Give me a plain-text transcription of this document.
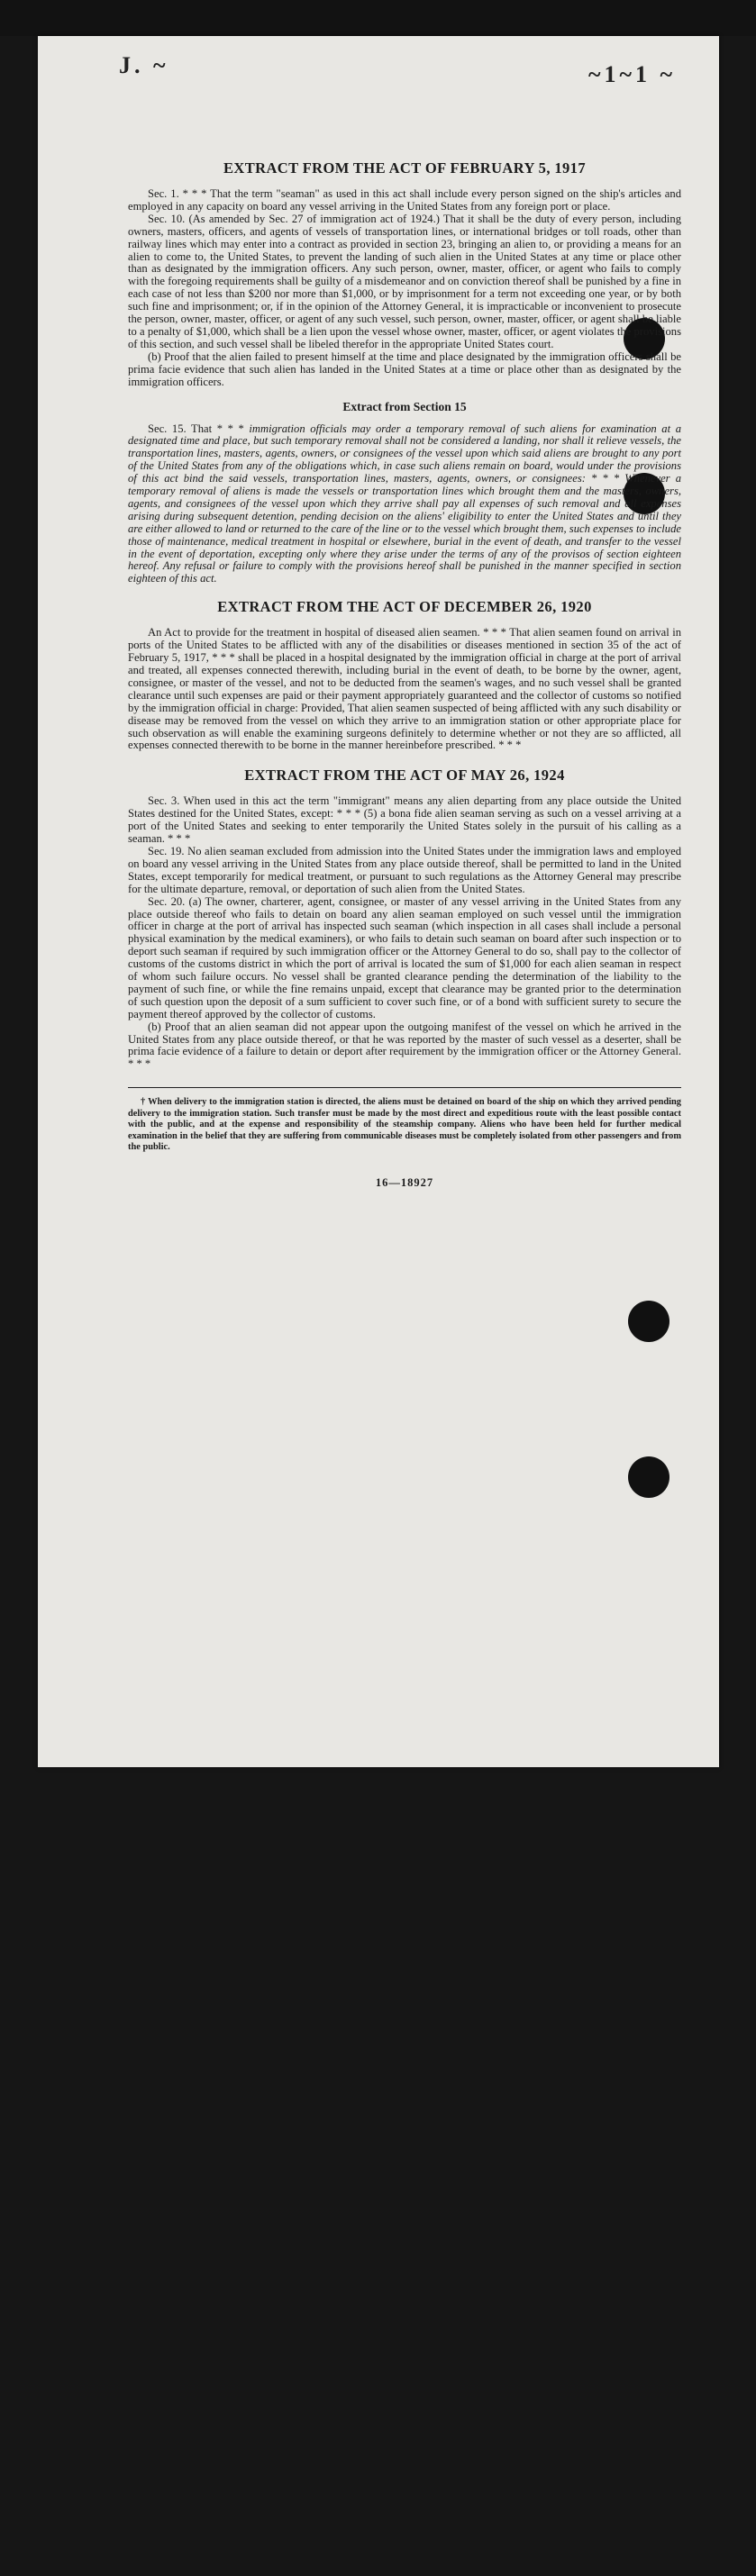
J. ~	~1~1 ~
EXTRACT FROM THE ACT OF FEBRUARY 5, 1917

Sec. 1. * * * That the term "seaman" as used in this act shall include every person signed on the ship's articles and employed in any capacity on board any vessel arriving in the United States from any foreign port or place.

Sec. 10. (As amended by Sec. 27 of immigration act of 1924.) That it shall be the duty of every person, including owners, masters, officers, and agents of vessels of transportation lines, or international bridges or toll roads, other than railway lines which may enter into a contract as provided in section 23, bringing an alien to, or providing a means for an alien to come to, the United States, to prevent the landing of such alien in the United States at any time or place other than as designated by the immigration officers. Any such person, owner, master, officer, or agent who fails to comply with the foregoing requirements shall be guilty of a misdemeanor and on conviction thereof shall be punished by a fine in each case of not less than $200 nor more than $1,000, or by imprisonment for a term not exceeding one year, or by both such fine and imprisonment; or, if in the opinion of the Attorney General, it is impracticable or inconvenient to prosecute the person, owner, master, officer, or agent of any such vessel, such person, owner, master, officer, or agent shall be liable to a penalty of $1,000, which shall be a lien upon the vessel whose owner, master, officer, or agent violates the provisions of this section, and such vessel shall be libeled therefor in the appropriate United States court.

(b) Proof that the alien failed to present himself at the time and place designated by the immigration officers shall be prima facie evidence that such alien has landed in the United States at a time or place other than as designated by the immigration officers.

Extract from Section 15

Sec. 15. That * * * immigration officials may order a temporary removal of such aliens for examination at a designated time and place, but such temporary removal shall not be considered a landing, nor shall it relieve vessels, the transportation lines, masters, agents, owners, or consignees of the vessel upon which said aliens are brought to any port of the United States from any of the obligations which, in case such aliens remain on board, would under the provisions of this act bind the said vessels, transportation lines, masters, agents, owners, or consignees: * * * Whenever a temporary removal of aliens is made the vessels or transportation lines which brought them and the masters, owners, agents, and consignees of the vessel upon which they arrive shall pay all expenses of such removal and all expenses arising during subsequent detention, pending decision on the aliens' eligibility to enter the United States and until they are either allowed to land or returned to the care of the line or to the vessel which brought them, such expenses to include those of maintenance, medical treatment in hospital or elsewhere, burial in the event of death, and transfer to the vessel in the event of deportation, excepting only where they arise under the terms of any of the provisos of section eighteen hereof. Any refusal or failure to comply with the provisions hereof shall be punished in the manner specified in section eighteen of this act.

EXTRACT FROM THE ACT OF DECEMBER 26, 1920

An Act to provide for the treatment in hospital of diseased alien seamen. * * * That alien seamen found on arrival in ports of the United States to be afflicted with any of the disabilities or diseases mentioned in section 35 of the act of February 5, 1917, * * * shall be placed in a hospital designated by the immigration official in charge at the port of arrival and treated, all expenses connected therewith, including burial in the event of death, to be borne by the owner, agent, consignee, or master of the vessel, and not to be deducted from the seamen's wages, and no such vessel shall be granted clearance until such expenses are paid or their payment appropriately guaranteed and the collector of customs so notified by the immigration official in charge: Provided, That alien seamen suspected of being afflicted with any such disability or disease may be removed from the vessel on which they arrive to an immigration station or other appropriate place for such observation as will enable the examining surgeons definitely to determine whether or not they are so afflicted, all expenses connected therewith to be borne in the manner hereinbefore prescribed. * * *

EXTRACT FROM THE ACT OF MAY 26, 1924

Sec. 3. When used in this act the term "immigrant" means any alien departing from any place outside the United States destined for the United States, except: * * * (5) a bona fide alien seaman serving as such on a vessel arriving at a port of the United States and seeking to enter temporarily the United States solely in the pursuit of his calling as a seaman. * * *

Sec. 19. No alien seaman excluded from admission into the United States under the immigration laws and employed on board any vessel arriving in the United States from any place outside thereof, shall be permitted to land in the United States, except temporarily for medical treatment, or pursuant to such regulations as the Attorney General may prescribe for the ultimate departure, removal, or deportation of such alien from the United States.

Sec. 20. (a) The owner, charterer, agent, consignee, or master of any vessel arriving in the United States from any place outside thereof who fails to detain on board any alien seaman employed on such vessel until the immigration officer in charge at the port of arrival has inspected such seaman (which inspection in all cases shall include a personal physical examination by the medical examiners), or who fails to detain such seaman on board after such inspection or to deport such seaman if required by such immigration officer or the Attorney General to do so, shall pay to the collector of customs of the customs district in which the port of arrival is located the sum of $1,000 for each alien seaman in respect of whom such failure occurs. No vessel shall be granted clearance pending the determination of the liability to the payment of such fine, or while the fine remains unpaid, except that clearance may be granted prior to the determination of such question upon the deposit of a sum sufficient to cover such fine, or of a bond with sufficient surety to secure the payment thereof approved by the collector of customs.

(b) Proof that an alien seaman did not appear upon the outgoing manifest of the vessel on which he arrived in the United States from any place outside thereof, or that he was reported by the master of such vessel as a deserter, shall be prima facie evidence of a failure to detain or deport after requirement by the immigration officer or the Attorney General. * * *

† When delivery to the immigration station is directed, the aliens must be detained on board of the ship on which they arrived pending delivery to the immigration station. Such transfer must be made by the most direct and expeditious route with the least possible contact with the public, and at the expense and responsibility of the steamship company. Aliens who have been held for further medical examination in the belief that they are suffering from communicable diseases must be completely isolated from other passengers and from the public.

16—18927
